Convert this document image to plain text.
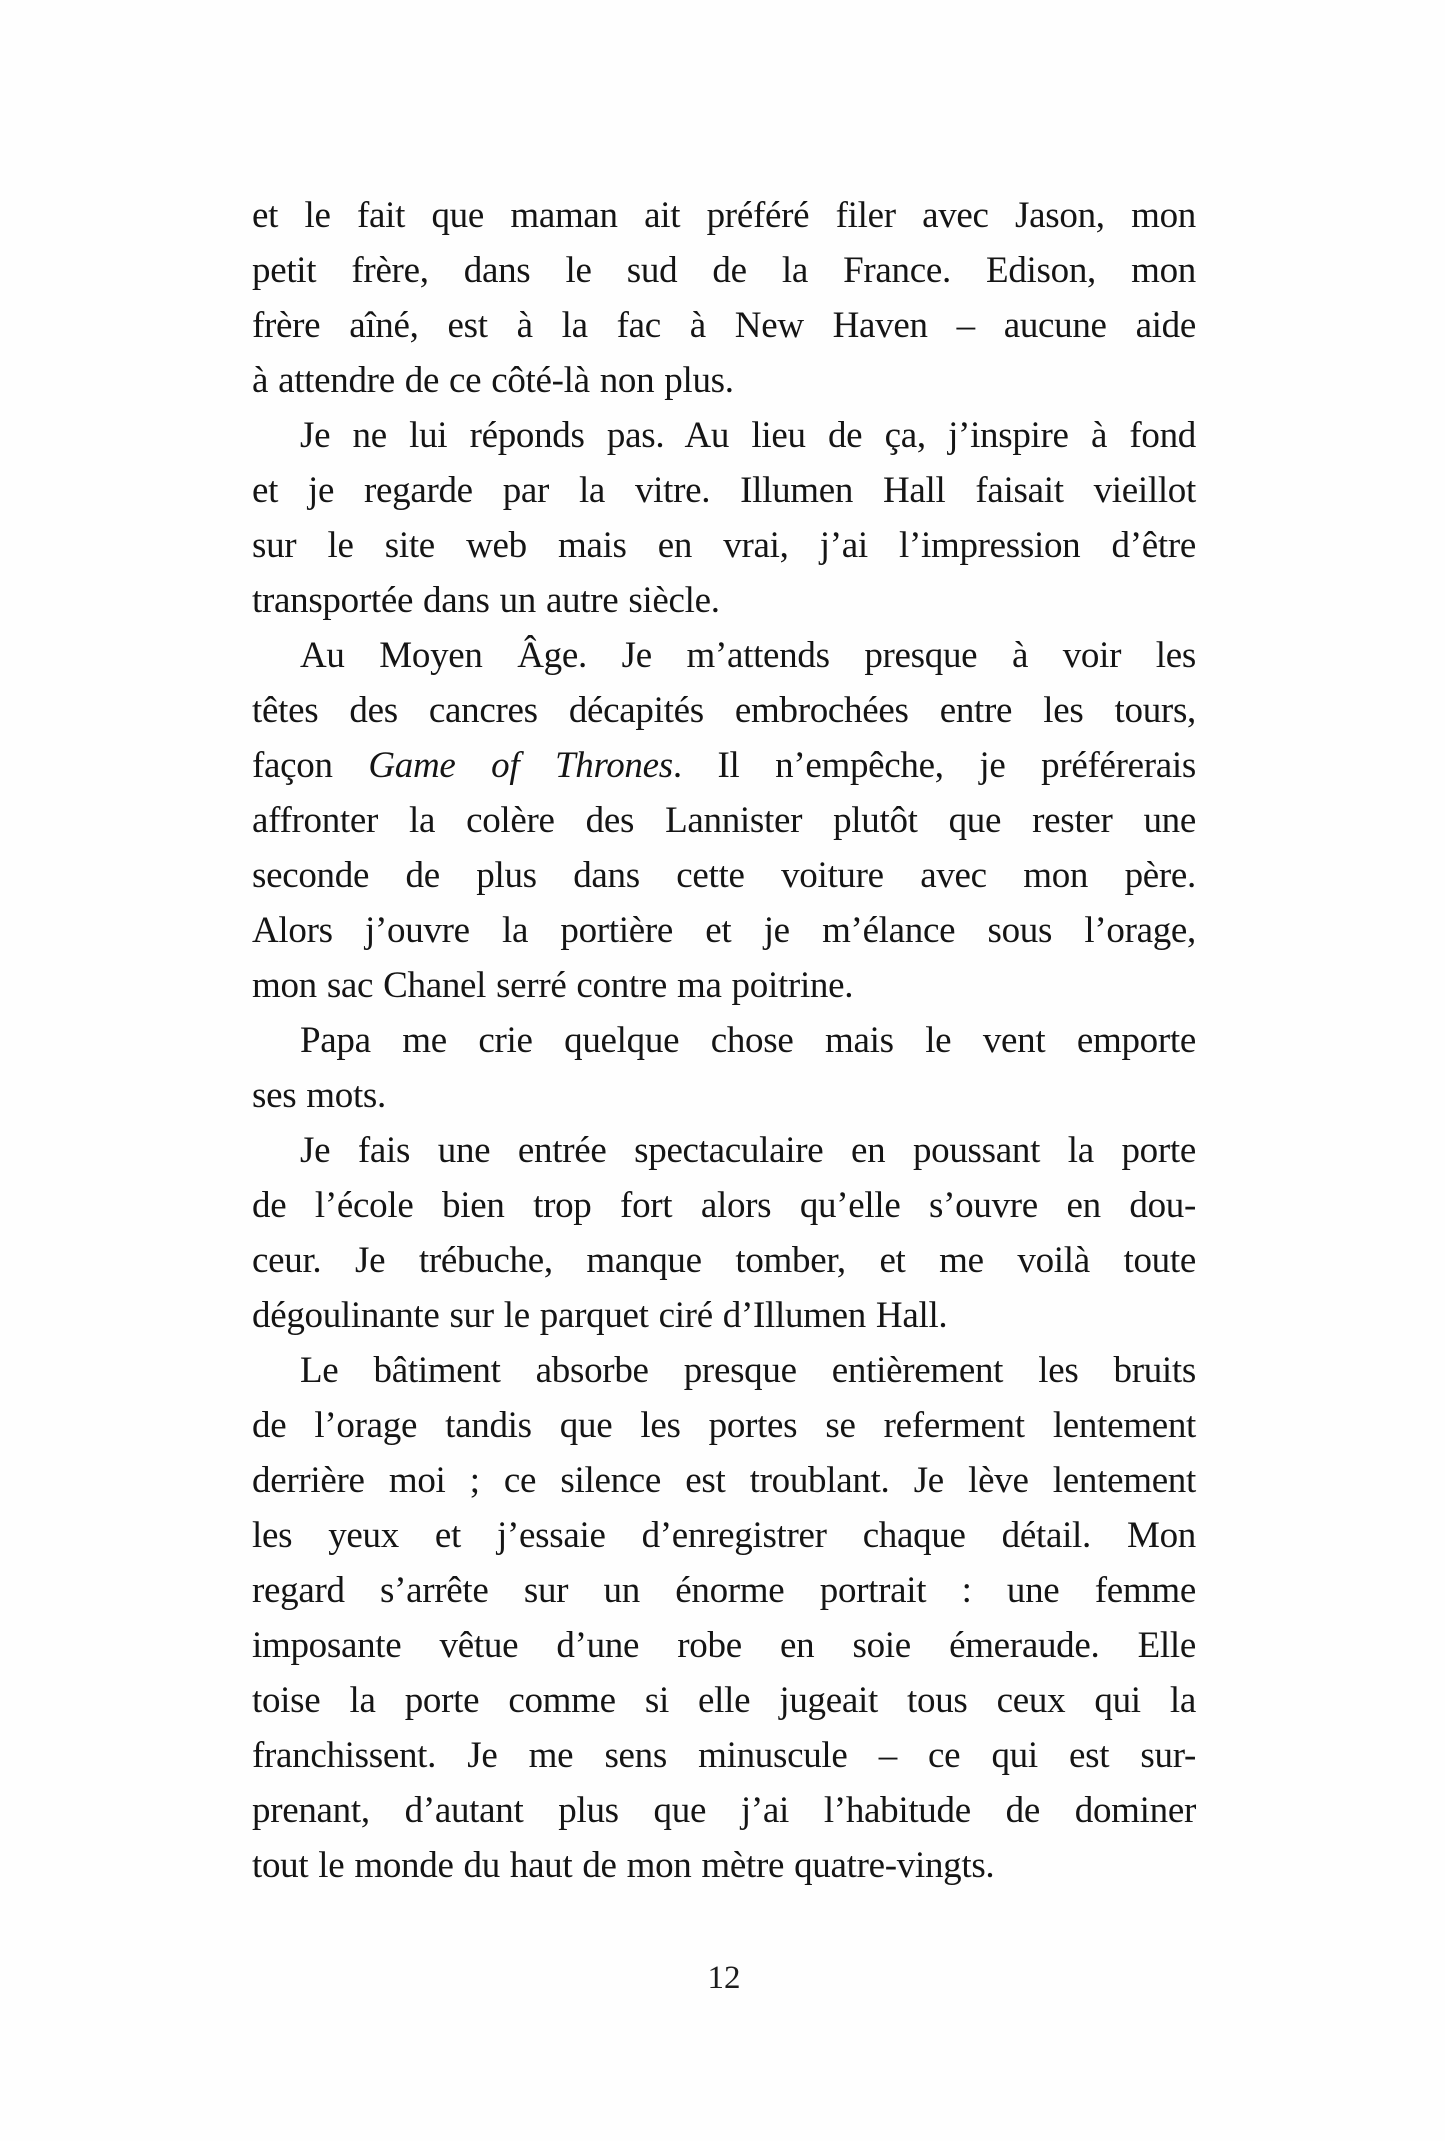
et le fait que maman ait préféré filer avec Jason, mon
petit frère, dans le sud de la France. Edison, mon
frère aîné, est à la fac à New Haven – aucune aide
à attendre de ce côté-là non plus.
Je ne lui réponds pas. Au lieu de ça, j’inspire à fond
et je regarde par la vitre. Illumen Hall faisait vieillot
sur le site web mais en vrai, j’ai l’impression d’être
transportée dans un autre siècle.
Au Moyen Âge. Je m’attends presque à voir les
têtes des cancres décapités embrochées entre les tours,
façon Game of Thrones. Il n’empêche, je préférerais
affronter la colère des Lannister plutôt que rester une
seconde de plus dans cette voiture avec mon père.
Alors j’ouvre la portière et je m’élance sous l’orage,
mon sac Chanel serré contre ma poitrine.
Papa me crie quelque chose mais le vent emporte
ses mots.
Je fais une entrée spectaculaire en poussant la porte
de l’école bien trop fort alors qu’elle s’ouvre en dou-
ceur. Je trébuche, manque tomber, et me voilà toute
dégoulinante sur le parquet ciré d’Illumen Hall.
Le bâtiment absorbe presque entièrement les bruits
de l’orage tandis que les portes se referment lentement
derrière moi ; ce silence est troublant. Je lève lentement
les yeux et j’essaie d’enregistrer chaque détail. Mon
regard s’arrête sur un énorme portrait : une femme
imposante vêtue d’une robe en soie émeraude. Elle
toise la porte comme si elle jugeait tous ceux qui la
franchissent. Je me sens minuscule – ce qui est sur-
prenant, d’autant plus que j’ai l’habitude de dominer
tout le monde du haut de mon mètre quatre-vingts.
12
